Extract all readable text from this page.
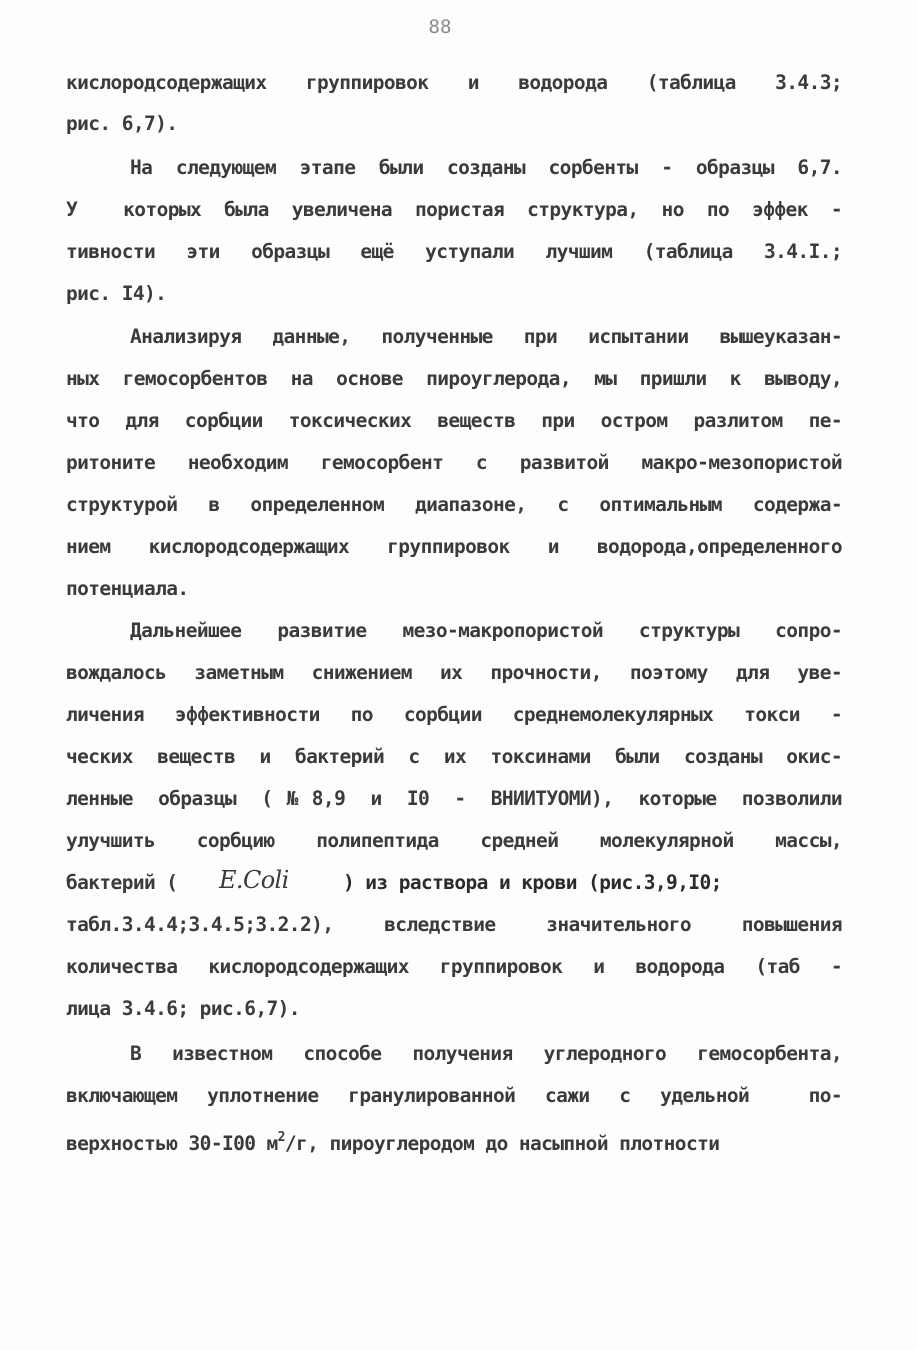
88
кислородсодержащих группировок и водорода (таблица 3.4.3;
рис. 6,7).
На следующем этапе были созданы сорбенты - образцы 6,7.
У  которых была увеличена пористая структура, но по эффек -
тивности эти образцы ещё уступали лучшим (таблица 3.4.I.;
рис. I4).
Анализируя данные, полученные при испытании вышеуказан-
ных гемосорбентов на основе пироуглерода, мы пришли к выводу,
что для сорбции токсических веществ при остром разлитом пе-
ритоните необходим гемосорбент с развитой макро-мезопористой
структурой в определенном диапазоне, с оптимальным содержа-
нием кислородсодержащих группировок и водорода,определенного
потенциала.
Дальнейшее развитие мезо-макропористой структуры сопро-
вождалось заметным снижением их прочности, поэтому для уве-
личения эффективности по сорбции среднемолекулярных токси -
ческих веществ и бактерий с их токсинами были созданы окис-
ленные образцы (№8,9 и I0 - ВНИИТУОМИ), которые позволили
улучшить сорбцию полипептида средней молекулярной массы,
бактерий ( E.Coli	) из раствора и крови (рис.3,9,I0;
табл.3.4.4;3.4.5;3.2.2), вследствие значительного повышения
количества кислородсодержащих группировок и водорода (таб -
лица 3.4.6; рис.6,7).
В известном способе получения углеродного гемосорбента,
включающем уплотнение гранулированной сажи с удельной  по-
верхностью 30-I00 $м^2/г$, пироуглеродом до насыпной плотности
